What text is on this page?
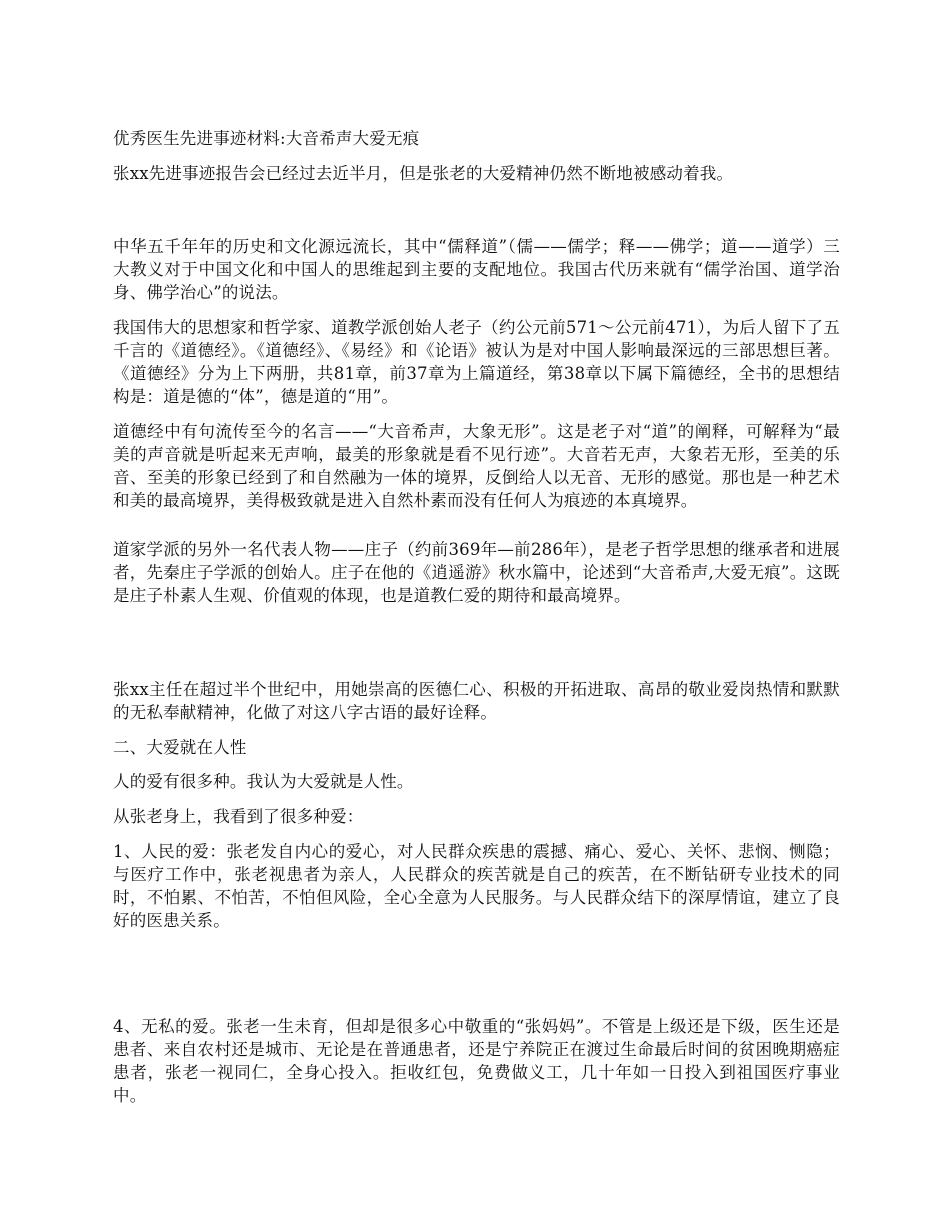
优秀医生先进事迹材料:大音希声大爱无痕

张xx先进事迹报告会已经过去近半月，但是张老的大爱精神仍然不断地被感动着我。

中华五千年年的历史和文化源远流长，其中“儒释道”（儒——儒学；释——佛学；道——道学）三大教义对于中国文化和中国人的思维起到主要的支配地位。我国古代历来就有“儒学治国、道学治身、佛学治心”的说法。

我国伟大的思想家和哲学家、道教学派创始人老子（约公元前571～公元前471），为后人留下了五千言的《道德经》。《道德经》、《易经》和《论语》被认为是对中国人影响最深远的三部思想巨著。《道德经》分为上下两册，共81章，前37章为上篇道经，第38章以下属下篇德经，全书的思想结构是：道是德的“体”，德是道的“用”。

道德经中有句流传至今的名言——“大音希声，大象无形”。这是老子对“道”的阐释，可解释为“最美的声音就是听起来无声响，最美的形象就是看不见行迹”。大音若无声，大象若无形，至美的乐音、至美的形象已经到了和自然融为一体的境界，反倒给人以无音、无形的感觉。那也是一种艺术和美的最高境界，美得极致就是进入自然朴素而没有任何人为痕迹的本真境界。

道家学派的另外一名代表人物——庄子（约前369年—前286年），是老子哲学思想的继承者和进展者，先秦庄子学派的创始人。庄子在他的《逍遥游》秋水篇中，论述到“大音希声,大爱无痕”。这既是庄子朴素人生观、价值观的体现，也是道教仁爱的期待和最高境界。

张xx主任在超过半个世纪中，用她崇高的医德仁心、积极的开拓进取、高昂的敬业爱岗热情和默默的无私奉献精神，化做了对这八字古语的最好诠释。

二、大爱就在人性

人的爱有很多种。我认为大爱就是人性。

从张老身上，我看到了很多种爱：

1、人民的爱：张老发自内心的爱心，对人民群众疾患的震撼、痛心、爱心、关怀、悲悯、恻隐；与医疗工作中，张老视患者为亲人，人民群众的疾苦就是自己的疾苦，在不断钻研专业技术的同时，不怕累、不怕苦，不怕但风险，全心全意为人民服务。与人民群众结下的深厚情谊，建立了良好的医患关系。

4、无私的爱。张老一生未育，但却是很多心中敬重的“张妈妈”。不管是上级还是下级，医生还是患者、来自农村还是城市、无论是在普通患者，还是宁养院正在渡过生命最后时间的贫困晚期癌症患者，张老一视同仁，全身心投入。拒收红包，免费做义工，几十年如一日投入到祖国医疗事业中。
